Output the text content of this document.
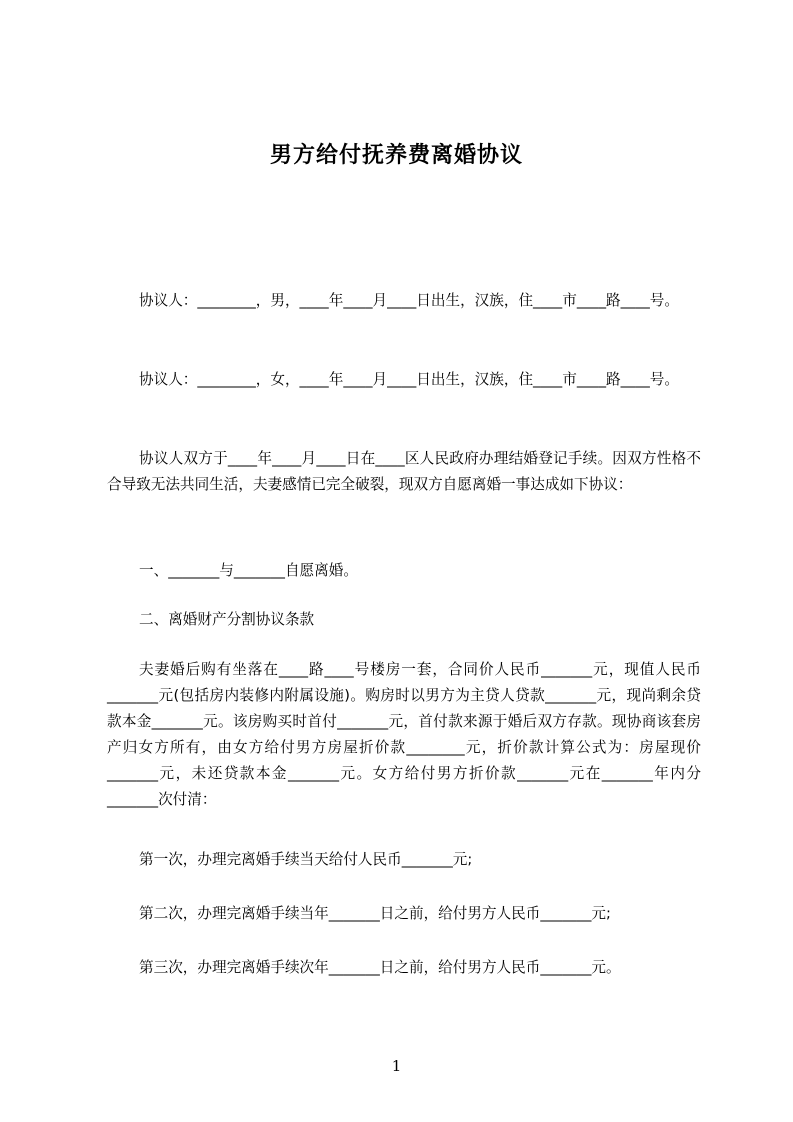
男方给付抚养费离婚协议

协议人：________，男，____年____月____日出生，汉族，住____市____路____号。

协议人：________，女，____年____月____日出生，汉族，住____市____路____号。

协议人双方于____年____月____日在____区人民政府办理结婚登记手续。因双方性格不合导致无法共同生活，夫妻感情已完全破裂，现双方自愿离婚一事达成如下协议：

一、_______与_______自愿离婚。

二、离婚财产分割协议条款

夫妻婚后购有坐落在____路____号楼房一套，合同价人民币_______元，现值人民币_______元(包括房内装修内附属设施)。购房时以男方为主贷人贷款_______元，现尚剩余贷款本金_______元。该房购买时首付_______元，首付款来源于婚后双方存款。现协商该套房产归女方所有，由女方给付男方房屋折价款________元，折价款计算公式为：房屋现价_______元，未还贷款本金_______元。女方给付男方折价款_______元在_______年内分_______次付清：

第一次，办理完离婚手续当天给付人民币_______元;

第二次，办理完离婚手续当年_______日之前，给付男方人民币_______元;

第三次，办理完离婚手续次年_______日之前，给付男方人民币_______元。

1
